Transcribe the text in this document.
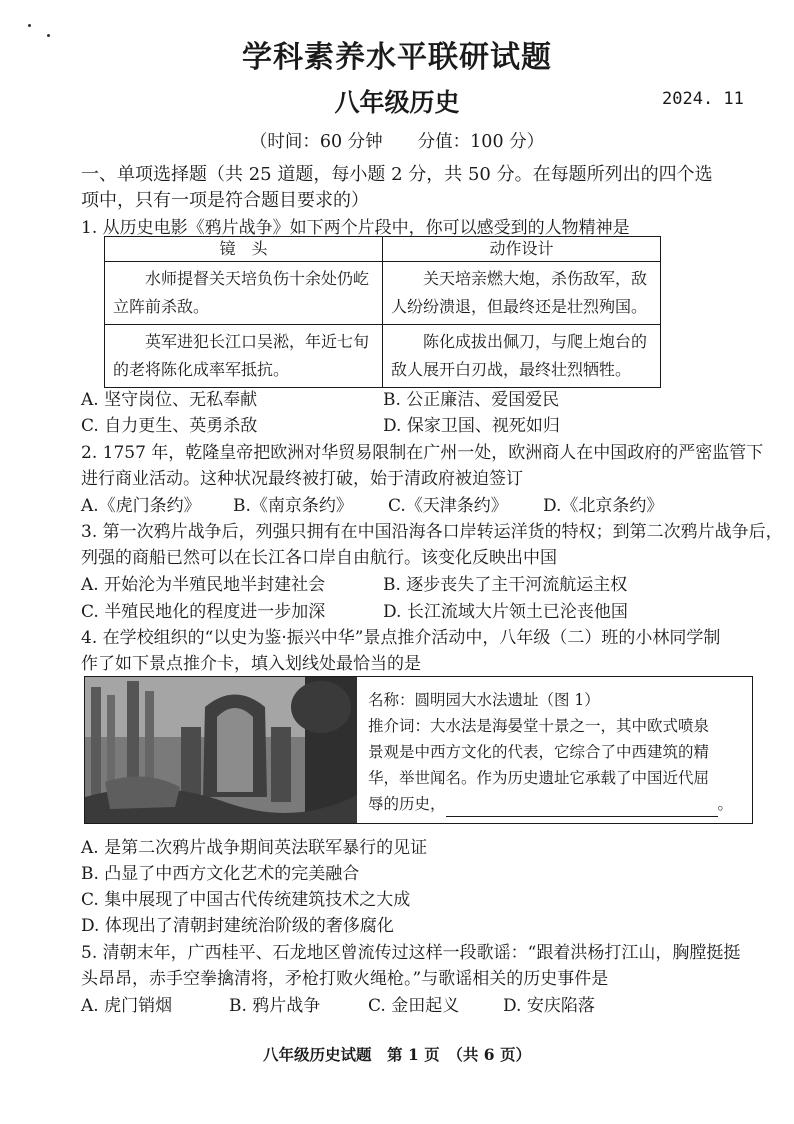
学科素养水平联研试题
八年级历史	2024. 11
（时间：60 分钟　　分值：100 分）
一、单项选择题（共 25 道题，每小题 2 分，共 50 分。在每题所列出的四个选
项中，只有一项是符合题目要求的）
1. 从历史电影《鸦片战争》如下两个片段中，你可以感受到的人物精神是
镜　头	动作设计
水师提督关天培负伤十余处仍屹立阵前杀敌。	关天培亲燃大炮，杀伤敌军，敌人纷纷溃退，但最终还是壮烈殉国。
英军进犯长江口吴淞，年近七旬的老将陈化成率军抵抗。	陈化成拔出佩刀，与爬上炮台的敌人展开白刃战，最终壮烈牺牲。
A. 坚守岗位、无私奉献	B. 公正廉洁、爱国爱民
C. 自力更生、英勇杀敌	D. 保家卫国、视死如归
2. 1757 年，乾隆皇帝把欧洲对华贸易限制在广州一处，欧洲商人在中国政府的严密监管下
进行商业活动。这种状况最终被打破，始于清政府被迫签订
A.《虎门条约》 B.《南京条约》 C.《天津条约》 D.《北京条约》
3. 第一次鸦片战争后，列强只拥有在中国沿海各口岸转运洋货的特权；到第二次鸦片战争后，
列强的商船已然可以在长江各口岸自由航行。该变化反映出中国
A. 开始沦为半殖民地半封建社会	B. 逐步丧失了主干河流航运主权
C. 半殖民地化的程度进一步加深	D. 长江流域大片领土已沦丧他国
4. 在学校组织的“以史为鉴·振兴中华”景点推介活动中，八年级（二）班的小林同学制
作了如下景点推介卡，填入划线处最恰当的是
名称：圆明园大水法遗址（图 1）
推介词：大水法是海晏堂十景之一，其中欧式喷泉
景观是中西方文化的代表，它综合了中西建筑的精
华，举世闻名。作为历史遗址它承载了中国近代屈
辱的历史，	。
A. 是第二次鸦片战争期间英法联军暴行的见证
B. 凸显了中西方文化艺术的完美融合
C. 集中展现了中国古代传统建筑技术之大成
D. 体现出了清朝封建统治阶级的奢侈腐化
5. 清朝末年，广西桂平、石龙地区曾流传过这样一段歌谣：“跟着洪杨打江山，胸膛挺挺
头昂昂，赤手空拳擒清将，矛枪打败火绳枪。”与歌谣相关的历史事件是
A. 虎门销烟	B. 鸦片战争	C. 金田起义	D. 安庆陷落
八年级历史试题　第 1 页　（共 6 页）
